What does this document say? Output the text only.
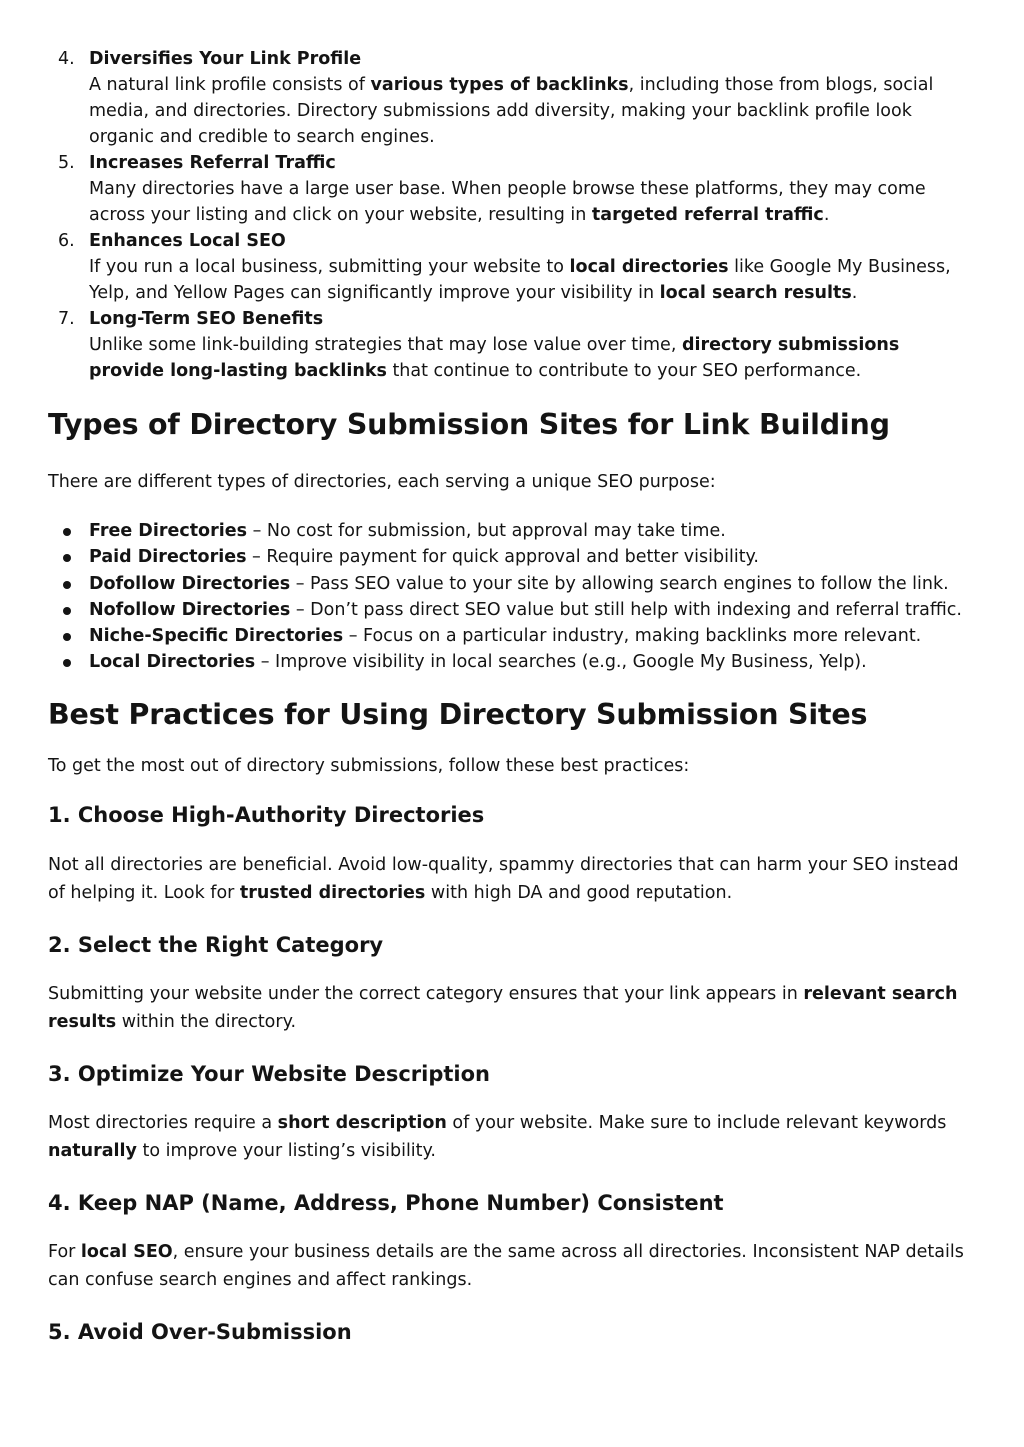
4. Diversifies Your Link Profile
A natural link profile consists of various types of backlinks, including those from blogs, social media, and directories. Directory submissions add diversity, making your backlink profile look organic and credible to search engines.
5. Increases Referral Traffic
Many directories have a large user base. When people browse these platforms, they may come across your listing and click on your website, resulting in targeted referral traffic.
6. Enhances Local SEO
If you run a local business, submitting your website to local directories like Google My Business, Yelp, and Yellow Pages can significantly improve your visibility in local search results.
7. Long-Term SEO Benefits
Unlike some link-building strategies that may lose value over time, directory submissions provide long-lasting backlinks that continue to contribute to your SEO performance.
Types of Directory Submission Sites for Link Building

There are different types of directories, each serving a unique SEO purpose:

Free Directories – No cost for submission, but approval may take time.
Paid Directories – Require payment for quick approval and better visibility.
Dofollow Directories – Pass SEO value to your site by allowing search engines to follow the link.
Nofollow Directories – Don’t pass direct SEO value but still help with indexing and referral traffic.
Niche-Specific Directories – Focus on a particular industry, making backlinks more relevant.
Local Directories – Improve visibility in local searches (e.g., Google My Business, Yelp).
Best Practices for Using Directory Submission Sites

To get the most out of directory submissions, follow these best practices:

1. Choose High-Authority Directories

Not all directories are beneficial. Avoid low-quality, spammy directories that can harm your SEO instead of helping it. Look for trusted directories with high DA and good reputation.

2. Select the Right Category

Submitting your website under the correct category ensures that your link appears in relevant search results within the directory.

3. Optimize Your Website Description

Most directories require a short description of your website. Make sure to include relevant keywords naturally to improve your listing’s visibility.

4. Keep NAP (Name, Address, Phone Number) Consistent

For local SEO, ensure your business details are the same across all directories. Inconsistent NAP details can confuse search engines and affect rankings.

5. Avoid Over-Submission
